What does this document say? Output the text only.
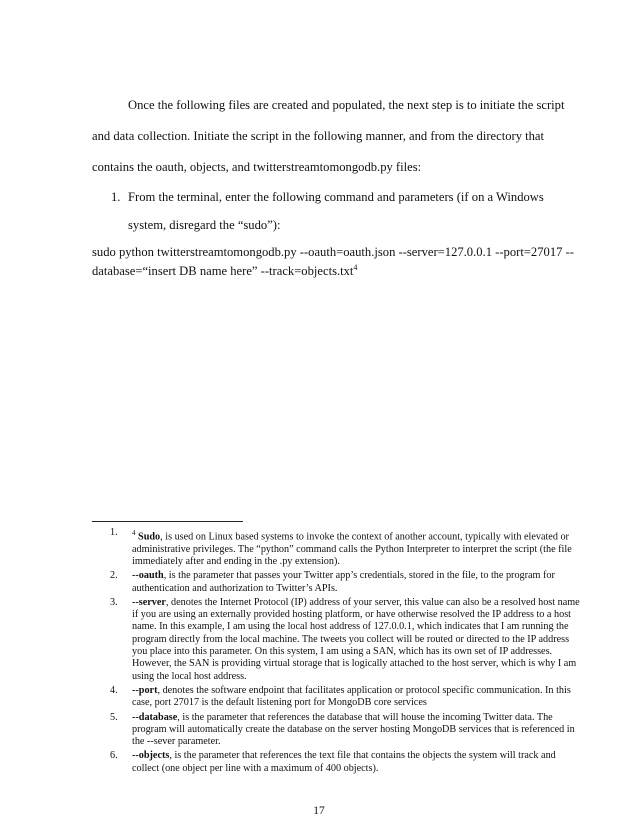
Once the following files are created and populated, the next step is to initiate the script
and data collection. Initiate the script in the following manner, and from the directory that
contains the oauth, objects, and twitterstreamtomongodb.py files:
1. From the terminal, enter the following command and parameters (if on a Windows
system, disregard the “sudo”):
sudo python twitterstreamtomongodb.py --oauth=oauth.json --server=127.0.0.1 --port=27017 --
database=“insert DB name here” --track=objects.txt$^4$
1. $^4$ Sudo, is used on Linux based systems to invoke the context of another account, typically with elevated or administrative privileges. The “python” command calls the Python Interpreter to interpret the script (the file immediately after and ending in the .py extension).
2. --oauth, is the parameter that passes your Twitter app’s credentials, stored in the file, to the program for authentication and authorization to Twitter’s APIs.
3. --server, denotes the Internet Protocol (IP) address of your server, this value can also be a resolved host name if you are using an externally provided hosting platform, or have otherwise resolved the IP address to a host name. In this example, I am using the local host address of 127.0.0.1, which indicates that I am running the program directly from the local machine. The tweets you collect will be routed or directed to the IP address you place into this parameter. On this system, I am using a SAN, which has its own set of IP addresses. However, the SAN is providing virtual storage that is logically attached to the host server, which is why I am using the local host address.
4. --port, denotes the software endpoint that facilitates application or protocol specific communication. In this case, port 27017 is the default listening port for MongoDB core services
5. --database, is the parameter that references the database that will house the incoming Twitter data. The program will automatically create the database on the server hosting MongoDB services that is referenced in the --sever parameter.
6. --objects, is the parameter that references the text file that contains the objects the system will track and collect (one object per line with a maximum of 400 objects).
17
